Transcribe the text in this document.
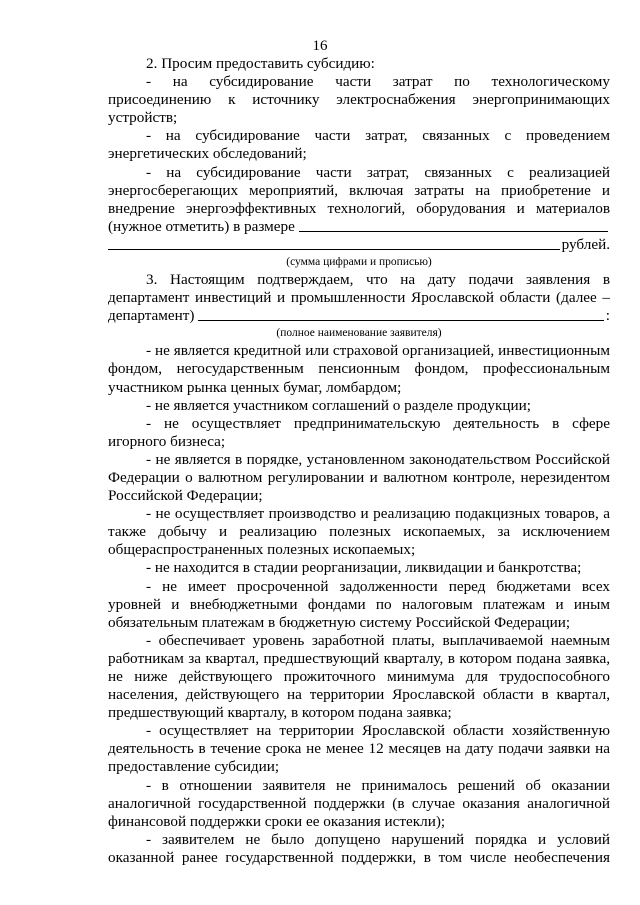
16
2. Просим предоставить субсидию:
- на субсидирование части затрат по технологическому
присоединению к источнику электроснабжения энергопринимающих
устройств;
- на субсидирование части затрат, связанных с проведением
энергетических обследований;
- на субсидирование части затрат, связанных с реализацией
энергосберегающих мероприятий, включая затраты на приобретение и
внедрение энергоэффективных технологий, оборудования и материалов
(нужное отметить) в размере
рублей.
(сумма цифрами и прописью)
3. Настоящим подтверждаем, что на дату подачи заявления в
департамент инвестиций и промышленности Ярославской области (далее –
департамент)	:
(полное наименование заявителя)
- не является кредитной или страховой организацией, инвестиционным
фондом, негосударственным пенсионным фондом, профессиональным
участником рынка ценных бумаг, ломбардом;
- не является участником соглашений о разделе продукции;
- не осуществляет предпринимательскую деятельность в сфере
игорного бизнеса;
- не является в порядке, установленном законодательством Российской
Федерации о валютном регулировании и валютном контроле, нерезидентом
Российской Федерации;
- не осуществляет производство и реализацию подакцизных товаров, а
также добычу и реализацию полезных ископаемых, за исключением
общераспространенных полезных ископаемых;
- не находится в стадии реорганизации, ликвидации и банкротства;
- не имеет просроченной задолженности перед бюджетами всех
уровней и внебюджетными фондами по налоговым платежам и иным
обязательным платежам в бюджетную систему Российской Федерации;
- обеспечивает уровень заработной платы, выплачиваемой наемным
работникам за квартал, предшествующий кварталу, в котором подана заявка,
не ниже действующего прожиточного минимума для трудоспособного
населения, действующего на территории Ярославской области в квартал,
предшествующий кварталу, в котором подана заявка;
- осуществляет на территории Ярославской области хозяйственную
деятельность в течение срока не менее 12 месяцев на дату подачи заявки на
предоставление субсидии;
- в отношении заявителя не принималось решений об оказании
аналогичной государственной поддержки (в случае оказания аналогичной
финансовой поддержки сроки ее оказания истекли);
- заявителем не было допущено нарушений порядка и условий
оказанной ранее государственной поддержки, в том числе необеспечения
